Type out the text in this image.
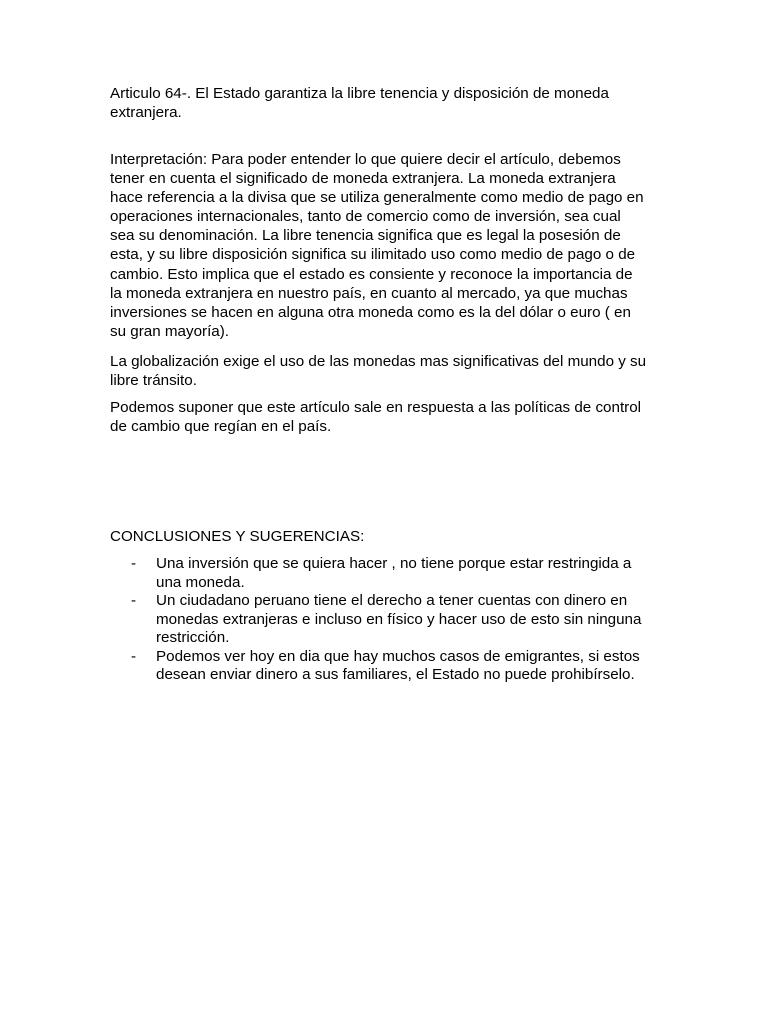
Articulo 64-. El Estado garantiza la libre tenencia y disposición de moneda
extranjera.

Interpretación: Para poder entender lo que quiere decir el artículo, debemos
tener en cuenta el significado de moneda extranjera. La moneda extranjera
hace referencia a la divisa que se utiliza generalmente como medio de pago en
operaciones internacionales, tanto de comercio como de inversión, sea cual
sea su denominación. La libre tenencia significa que es legal la posesión de
esta, y su libre disposición significa su ilimitado uso como medio de pago o de
cambio. Esto implica que el estado es consiente y reconoce la importancia de
la moneda extranjera en nuestro país, en cuanto al mercado, ya que muchas
inversiones se hacen en alguna otra moneda como es la del dólar o euro ( en
su gran mayoría).

La globalización exige el uso de las monedas mas significativas del mundo y su
libre tránsito.

Podemos suponer que este artículo sale en respuesta a las políticas de control
de cambio que regían en el país.

CONCLUSIONES Y SUGERENCIAS:

- Una inversión que se quiera hacer , no tiene porque estar restringida a
una moneda.
- Un ciudadano peruano tiene el derecho a tener cuentas con dinero en
monedas extranjeras e incluso en físico y hacer uso de esto sin ninguna
restricción.
- Podemos ver hoy en dia que hay muchos casos de emigrantes, si estos
desean enviar dinero a sus familiares, el Estado no puede prohibírselo.
